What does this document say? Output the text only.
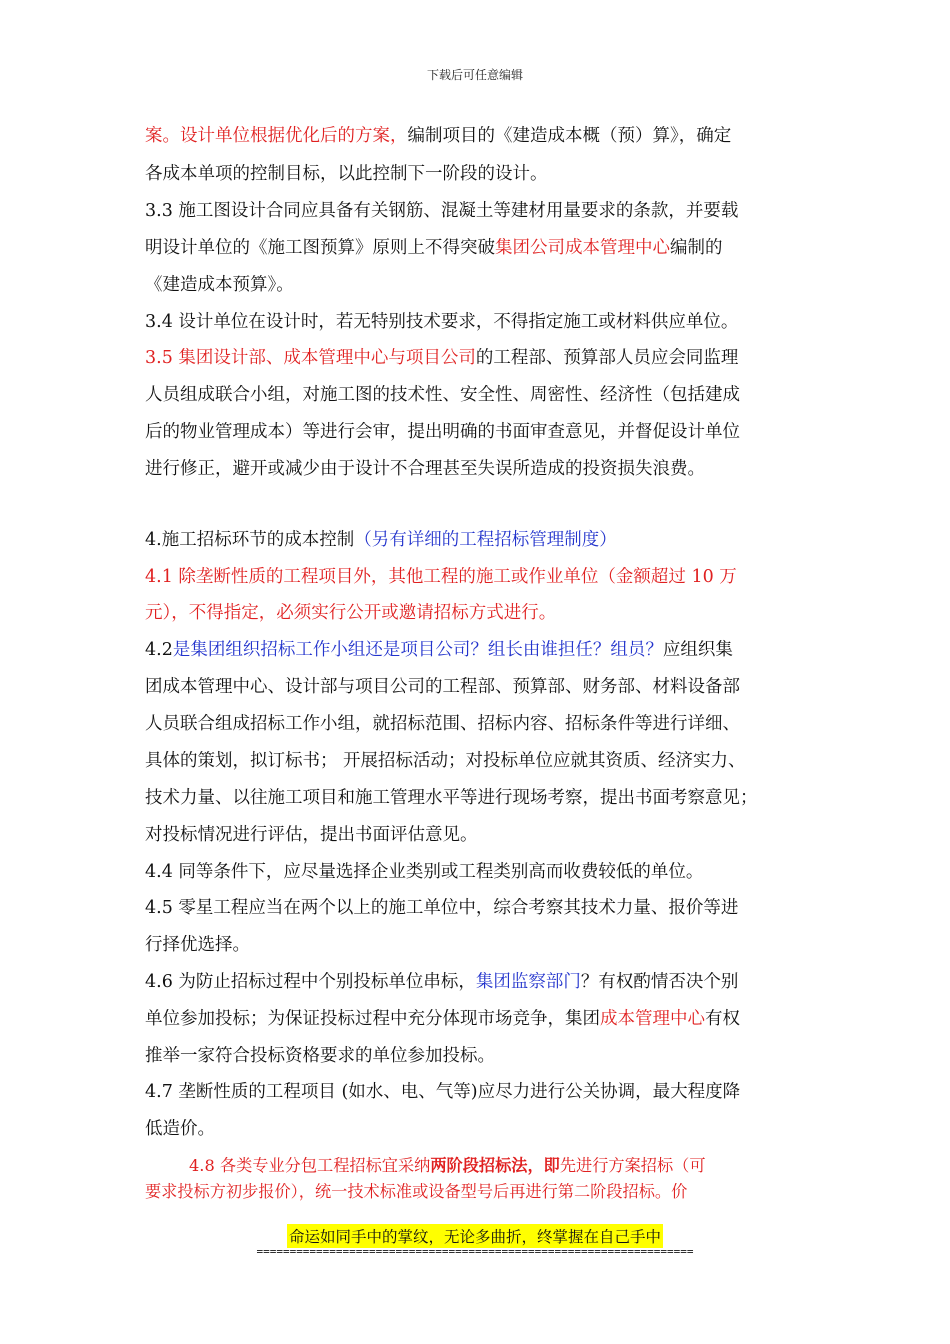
下载后可任意编辑
案。设计单位根据优化后的方案，编制项目的《建造成本概（预）算》，确定
各成本单项的控制目标，以此控制下一阶段的设计。
3.3 施工图设计合同应具备有关钢筋、混凝土等建材用量要求的条款，并要载
明设计单位的《施工图预算》原则上不得突破集团公司成本管理中心编制的
《建造成本预算》。
3.4 设计单位在设计时，若无特别技术要求，不得指定施工或材料供应单位。
3.5 集团设计部、成本管理中心与项目公司的工程部、预算部人员应会同监理
人员组成联合小组，对施工图的技术性、安全性、周密性、经济性（包括建成
后的物业管理成本）等进行会审，提出明确的书面审查意见，并督促设计单位
进行修正，避开或减少由于设计不合理甚至失误所造成的投资损失浪费。
4.施工招标环节的成本控制（另有详细的工程招标管理制度）
4.1 除垄断性质的工程项目外，其他工程的施工或作业单位（金额超过 10 万
元），不得指定，必须实行公开或邀请招标方式进行。
4.2是集团组织招标工作小组还是项目公司？组长由谁担任？组员？应组织集
团成本管理中心、设计部与项目公司的工程部、预算部、财务部、材料设备部
人员联合组成招标工作小组，就招标范围、招标内容、招标条件等进行详细、
具体的策划，拟订标书； 开展招标活动；对投标单位应就其资质、经济实力、
技术力量、以往施工项目和施工管理水平等进行现场考察，提出书面考察意见；
对投标情况进行评估，提出书面评估意见。
4.4 同等条件下，应尽量选择企业类别或工程类别高而收费较低的单位。
4.5 零星工程应当在两个以上的施工单位中，综合考察其技术力量、报价等进
行择优选择。
4.6 为防止招标过程中个别投标单位串标，集团监察部门？有权酌情否决个别
单位参加投标；为保证投标过程中充分体现市场竞争，集团成本管理中心有权
推举一家符合投标资格要求的单位参加投标。
4.7 垄断性质的工程项目 (如水、电、气等)应尽力进行公关协调，最大程度降
低造价。
4.8 各类专业分包工程招标宜采纳两阶段招标法，即先进行方案招标（可
要求投标方初步报价），统一技术标准或设备型号后再进行第二阶段招标。价
命运如同手中的掌纹，无论多曲折，终掌握在自己手中
==================================================================
